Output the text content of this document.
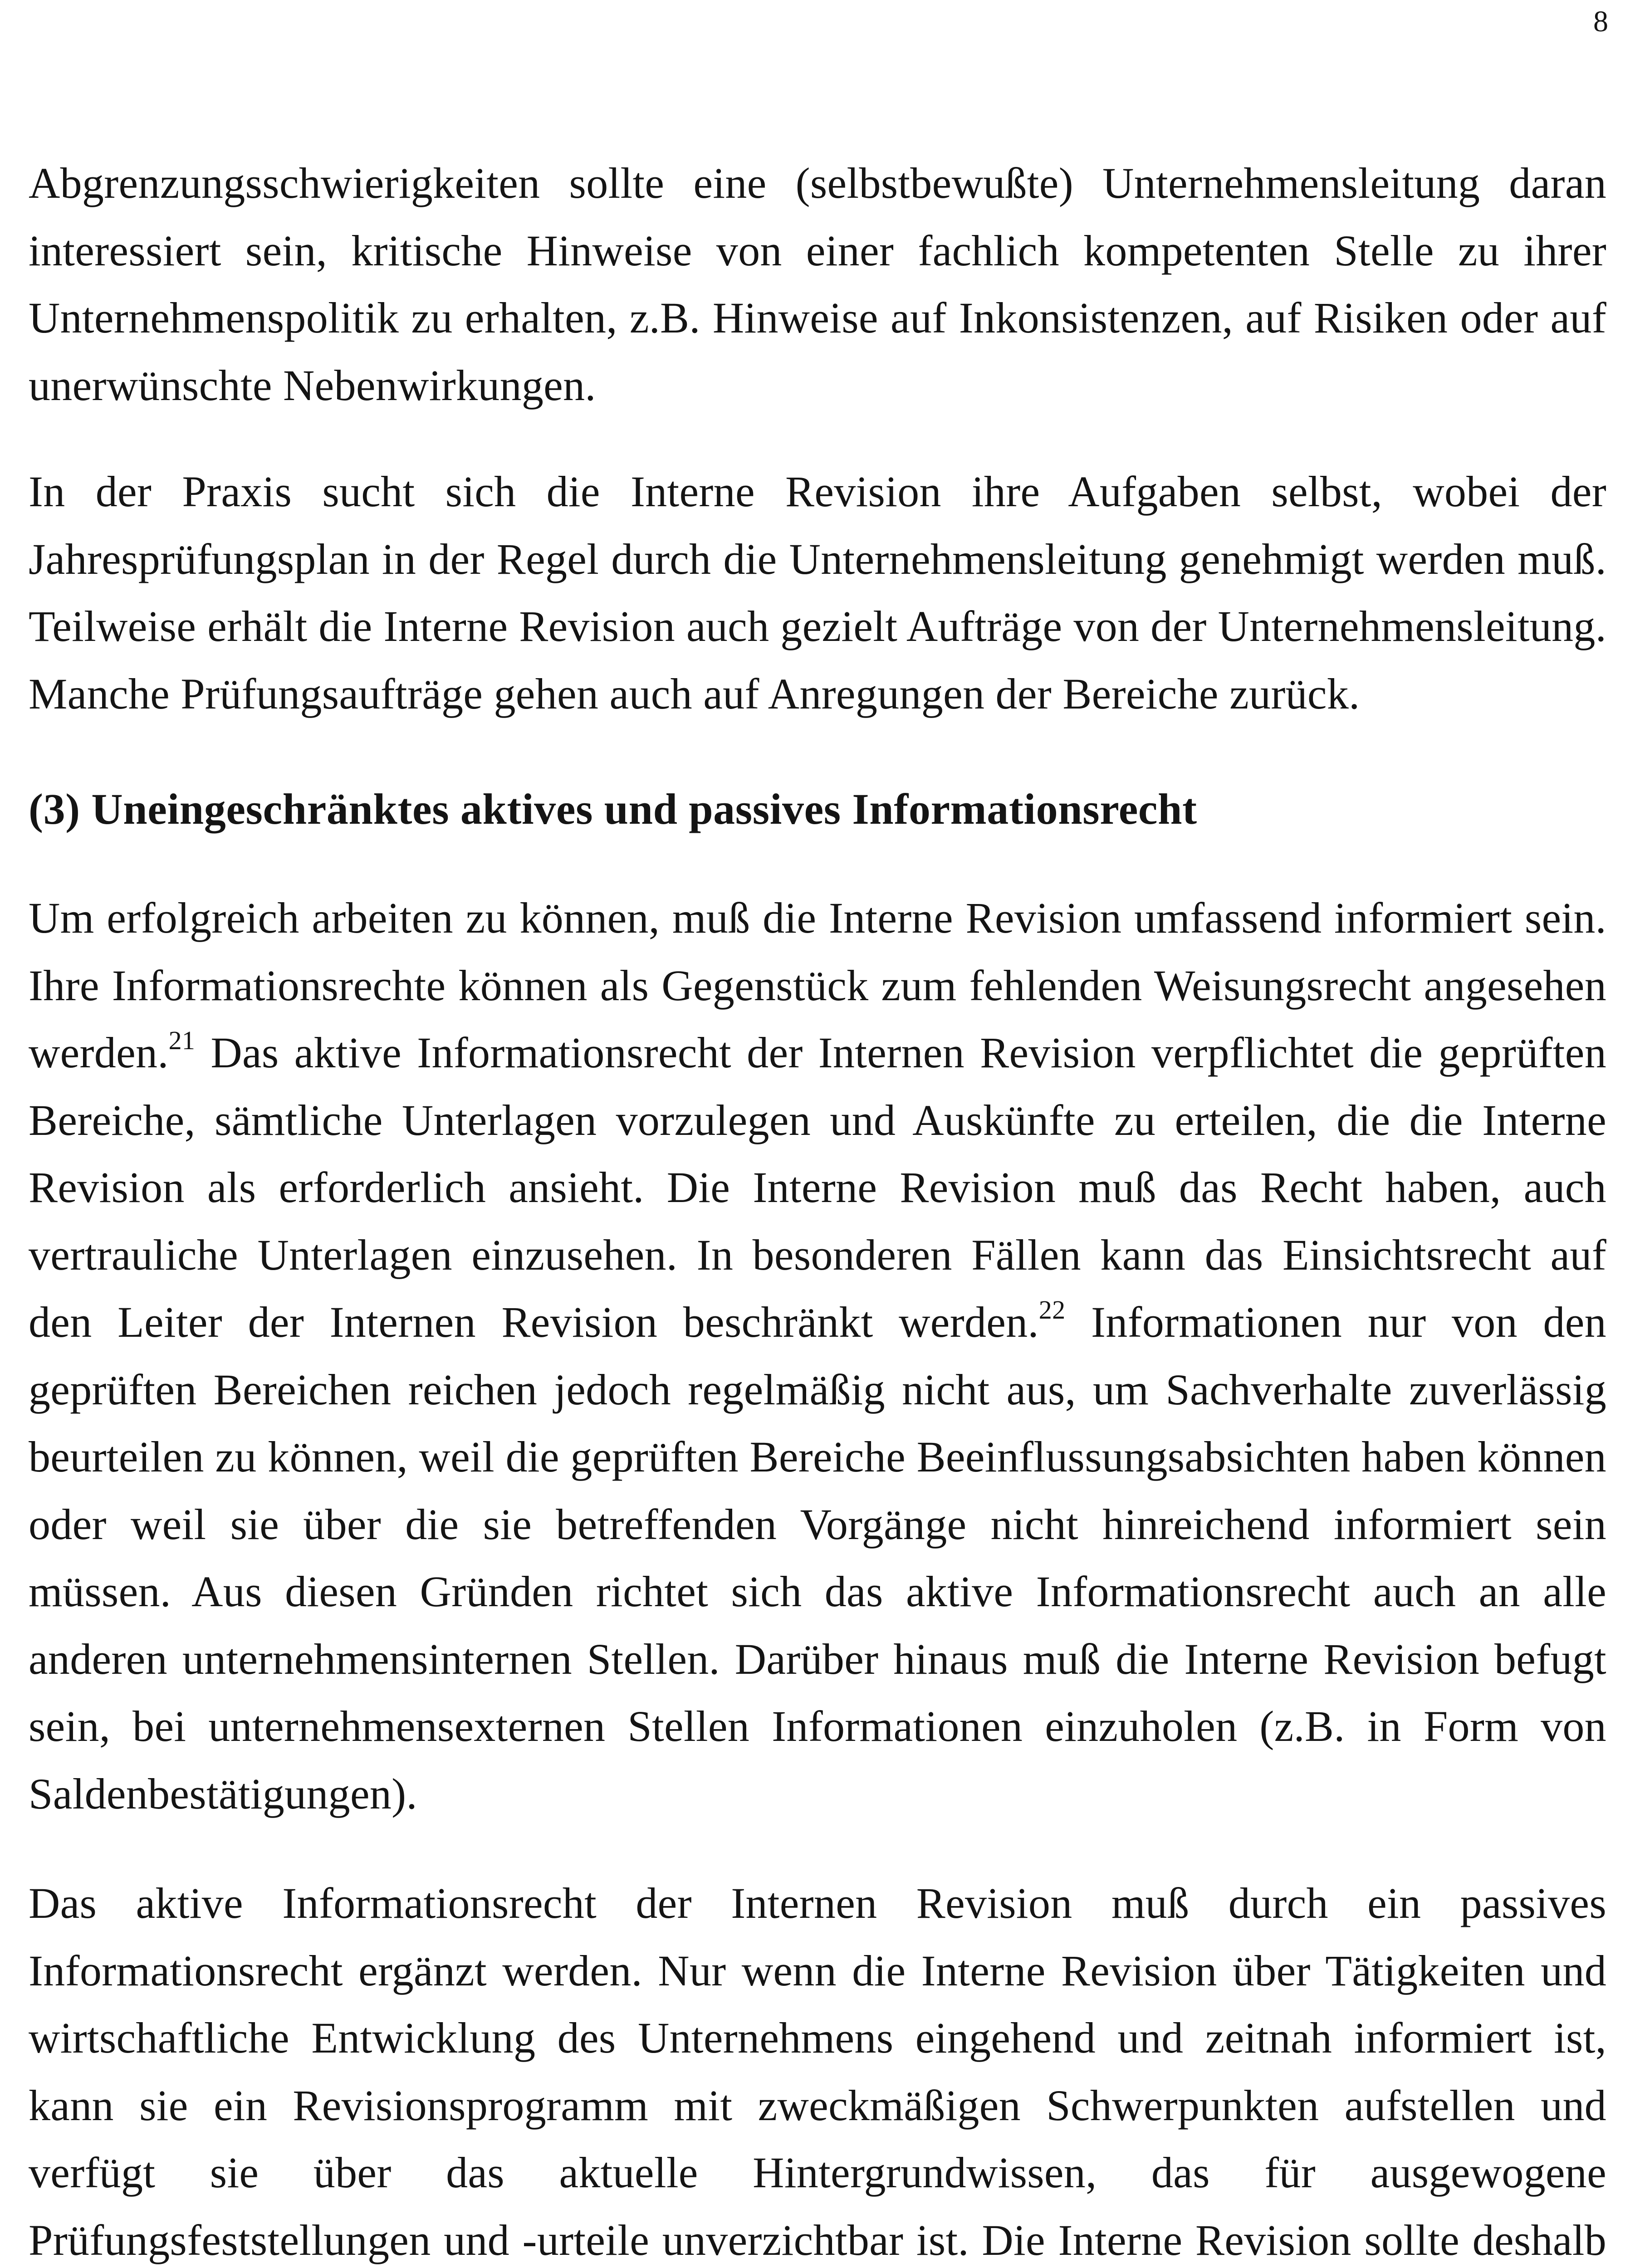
8

Abgrenzungsschwierigkeiten sollte eine (selbstbewußte) Unternehmensleitung daran interessiert sein, kritische Hinweise von einer fachlich kompetenten Stelle zu ihrer Unternehmenspolitik zu erhalten, z.B. Hinweise auf Inkonsistenzen, auf Risiken oder auf unerwünschte Nebenwirkungen.

In der Praxis sucht sich die Interne Revision ihre Aufgaben selbst, wobei der Jahresprüfungsplan in der Regel durch die Unternehmensleitung genehmigt werden muß. Teilweise erhält die Interne Revision auch gezielt Aufträge von der Unternehmensleitung. Manche Prüfungsaufträge gehen auch auf Anregungen der Bereiche zurück.

(3) Uneingeschränktes aktives und passives Informationsrecht

Um erfolgreich arbeiten zu können, muß die Interne Revision umfassend informiert sein. Ihre Informationsrechte können als Gegenstück zum fehlenden Weisungsrecht angesehen werden.$^{21}$ Das aktive Informationsrecht der Internen Revision verpflichtet die geprüften Bereiche, sämtliche Unterlagen vorzulegen und Auskünfte zu erteilen, die die Interne Revision als erforderlich ansieht. Die Interne Revision muß das Recht haben, auch vertrauliche Unterlagen einzusehen. In besonderen Fällen kann das Einsichtsrecht auf den Leiter der Internen Revision beschränkt werden.$^{22}$ Informationen nur von den geprüften Bereichen reichen jedoch regelmäßig nicht aus, um Sachverhalte zuverlässig beurteilen zu können, weil die geprüften Bereiche Beeinflussungsabsichten haben können oder weil sie über die sie betreffenden Vorgänge nicht hinreichend informiert sein müssen. Aus diesen Gründen richtet sich das aktive Informationsrecht auch an alle anderen unternehmensinternen Stellen. Darüber hinaus muß die Interne Revision befugt sein, bei unternehmensexternen Stellen Informationen einzuholen (z.B. in Form von Saldenbestätigungen).

Das aktive Informationsrecht der Internen Revision muß durch ein passives Informationsrecht ergänzt werden. Nur wenn die Interne Revision über Tätigkeiten und wirtschaftliche Entwicklung des Unternehmens eingehend und zeitnah informiert ist, kann sie ein Revisionsprogramm mit zweckmäßigen Schwerpunkten aufstellen und verfügt sie über das aktuelle Hintergrundwissen, das für ausgewogene Prüfungsfeststellungen und -urteile unverzichtbar ist. Die Interne Revision sollte deshalb
